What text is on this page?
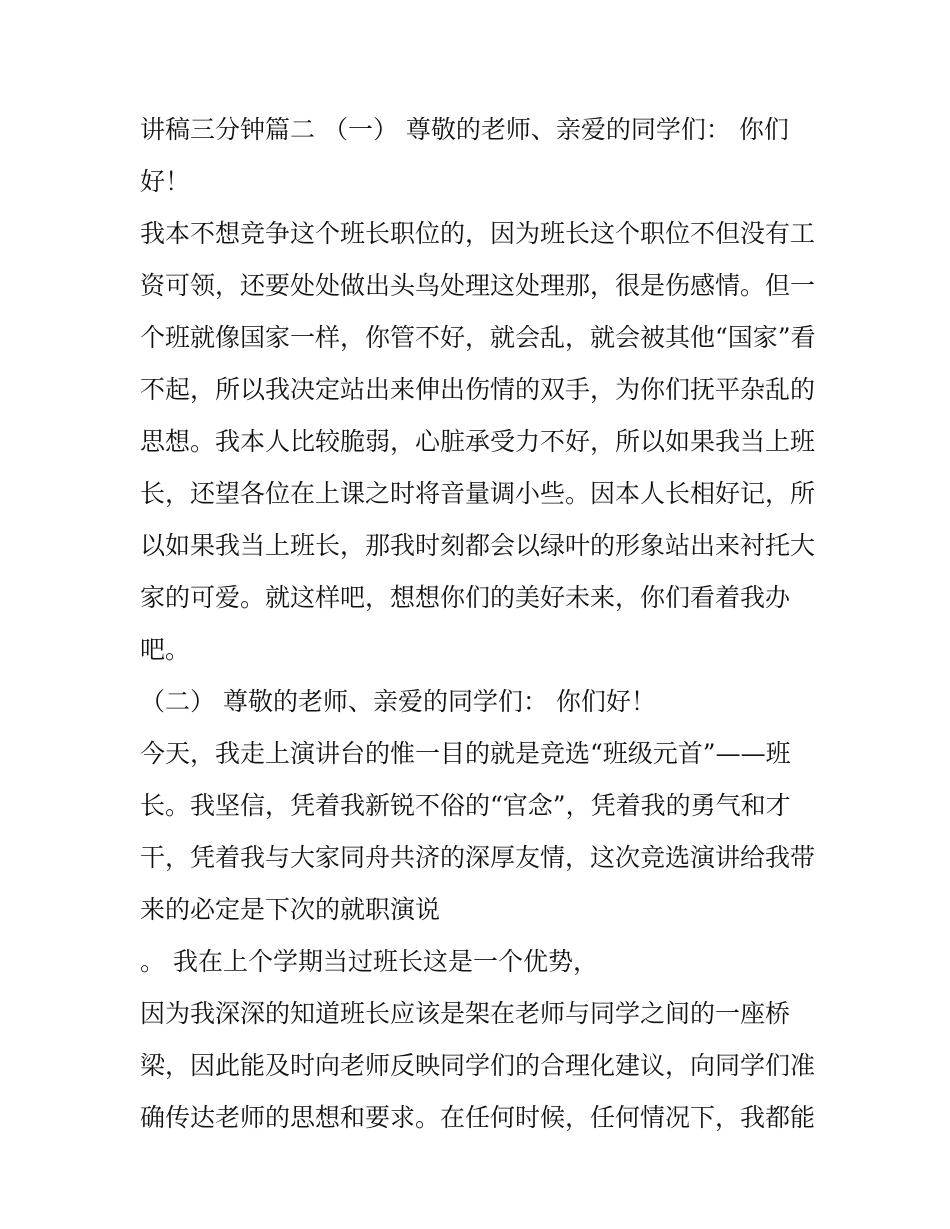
讲稿三分钟篇二 （一） 尊敬的老师、亲爱的同学们： 你们
好！
我本不想竞争这个班长职位的，因为班长这个职位不但没有工
资可领，还要处处做出头鸟处理这处理那，很是伤感情。但一
个班就像国家一样，你管不好，就会乱，就会被其他“国家”看
不起，所以我决定站出来伸出伤情的双手，为你们抚平杂乱的
思想。我本人比较脆弱，心脏承受力不好，所以如果我当上班
长，还望各位在上课之时将音量调小些。因本人长相好记，所
以如果我当上班长，那我时刻都会以绿叶的形象站出来衬托大
家的可爱。就这样吧，想想你们的美好未来，你们看着我办
吧。
（二） 尊敬的老师、亲爱的同学们： 你们好！
今天，我走上演讲台的惟一目的就是竞选“班级元首”——班
长。我坚信，凭着我新锐不俗的“官念”，凭着我的勇气和才
干，凭着我与大家同舟共济的深厚友情，这次竞选演讲给我带
来的必定是下次的就职演说
。 我在上个学期当过班长这是一个优势，
因为我深深的知道班长应该是架在老师与同学之间的一座桥
梁，因此能及时向老师反映同学们的合理化建议，向同学们准
确传达老师的思想和要求。在任何时候，任何情况下，我都能
